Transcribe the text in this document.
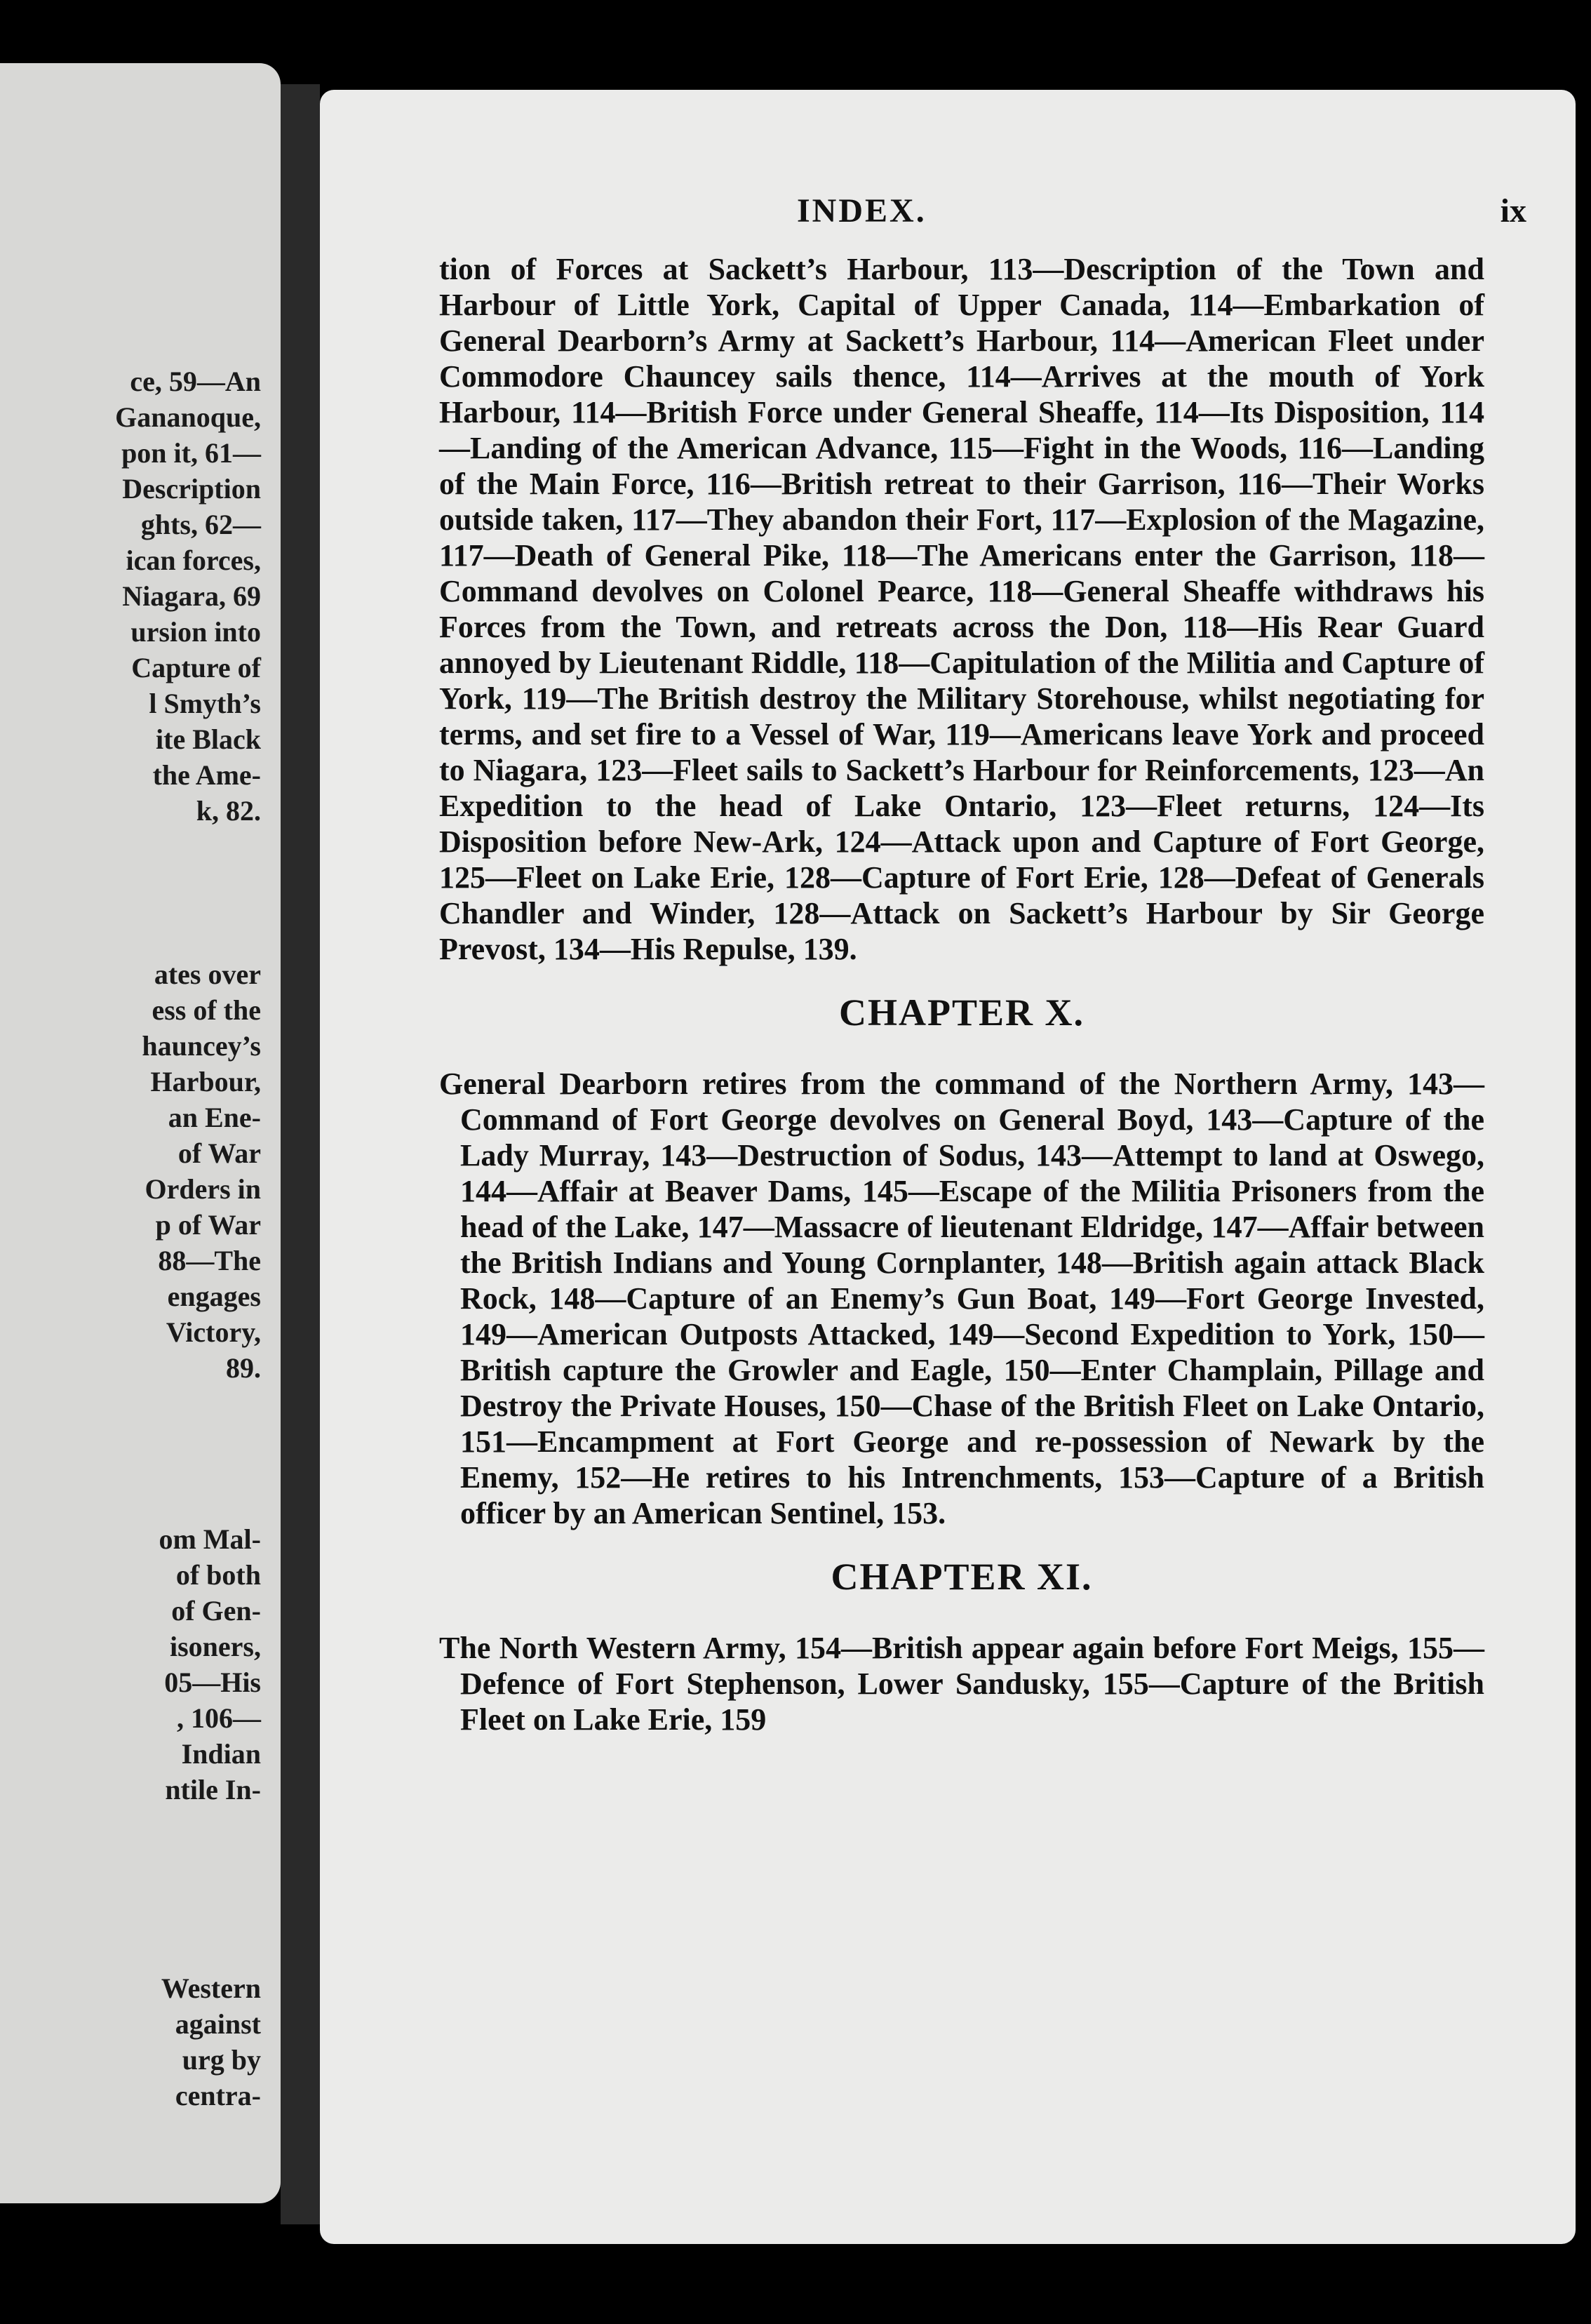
ce, 59—An
Gananoque,
pon it, 61—
Description
ghts, 62—
ican forces,
Niagara, 69
ursion into
Capture of
l Smyth’s
ite Black
the Ame-
k, 82.
ates over
ess of the
hauncey’s
Harbour,
an Ene-
of War
Orders in
p of War
88—The
engages
Victory,
89.
om Mal-
of both
of Gen-
isoners,
05—His
, 106—
Indian
ntile In-
Western
against
urg by
centra-
INDEX.	ix

tion of Forces at Sackett’s Harbour, 113—Description of the Town and Harbour of Little York, Capital of Upper Canada, 114—Embarkation of General Dearborn’s Army at Sackett’s Harbour, 114—American Fleet under Commodore Chauncey sails thence, 114—Arrives at the mouth of York Harbour, 114—British Force under General Sheaffe, 114—Its Disposition, 114—Landing of the American Advance, 115—Fight in the Woods, 116—Landing of the Main Force, 116—British retreat to their Garrison, 116—Their Works outside taken, 117—They abandon their Fort, 117—Explosion of the Magazine, 117—Death of General Pike, 118—The Americans enter the Garrison, 118—Command devolves on Colonel Pearce, 118—General Sheaffe withdraws his Forces from the Town, and retreats across the Don, 118—His Rear Guard annoyed by Lieutenant Riddle, 118—Capitulation of the Militia and Capture of York, 119—The British destroy the Military Storehouse, whilst negotiating for terms, and set fire to a Vessel of War, 119—Americans leave York and proceed to Niagara, 123—Fleet sails to Sackett’s Harbour for Reinforcements, 123—An Expedition to the head of Lake Ontario, 123—Fleet returns, 124—Its Disposition before New-Ark, 124—Attack upon and Capture of Fort George, 125—Fleet on Lake Erie, 128—Capture of Fort Erie, 128—Defeat of Generals Chandler and Winder, 128—Attack on Sackett’s Harbour by Sir George Prevost, 134—His Repulse, 139.

CHAPTER X.

General Dearborn retires from the command of the Northern Army, 143—Command of Fort George devolves on General Boyd, 143—Capture of the Lady Murray, 143—Destruction of Sodus, 143—Attempt to land at Oswego, 144—Affair at Beaver Dams, 145—Escape of the Militia Prisoners from the head of the Lake, 147—Massacre of lieutenant Eldridge, 147—Affair between the British Indians and Young Cornplanter, 148—British again attack Black Rock, 148—Capture of an Enemy’s Gun Boat, 149—Fort George Invested, 149—American Outposts Attacked, 149—Second Expedition to York, 150—British capture the Growler and Eagle, 150—Enter Champlain, Pillage and Destroy the Private Houses, 150—Chase of the British Fleet on Lake Ontario, 151—Encampment at Fort George and re-possession of Newark by the Enemy, 152—He retires to his Intrenchments, 153—Capture of a British officer by an American Sentinel, 153.

CHAPTER XI.

The North Western Army, 154—British appear again before Fort Meigs, 155—Defence of Fort Stephenson, Lower Sandusky, 155—Capture of the British Fleet on Lake Erie, 159
